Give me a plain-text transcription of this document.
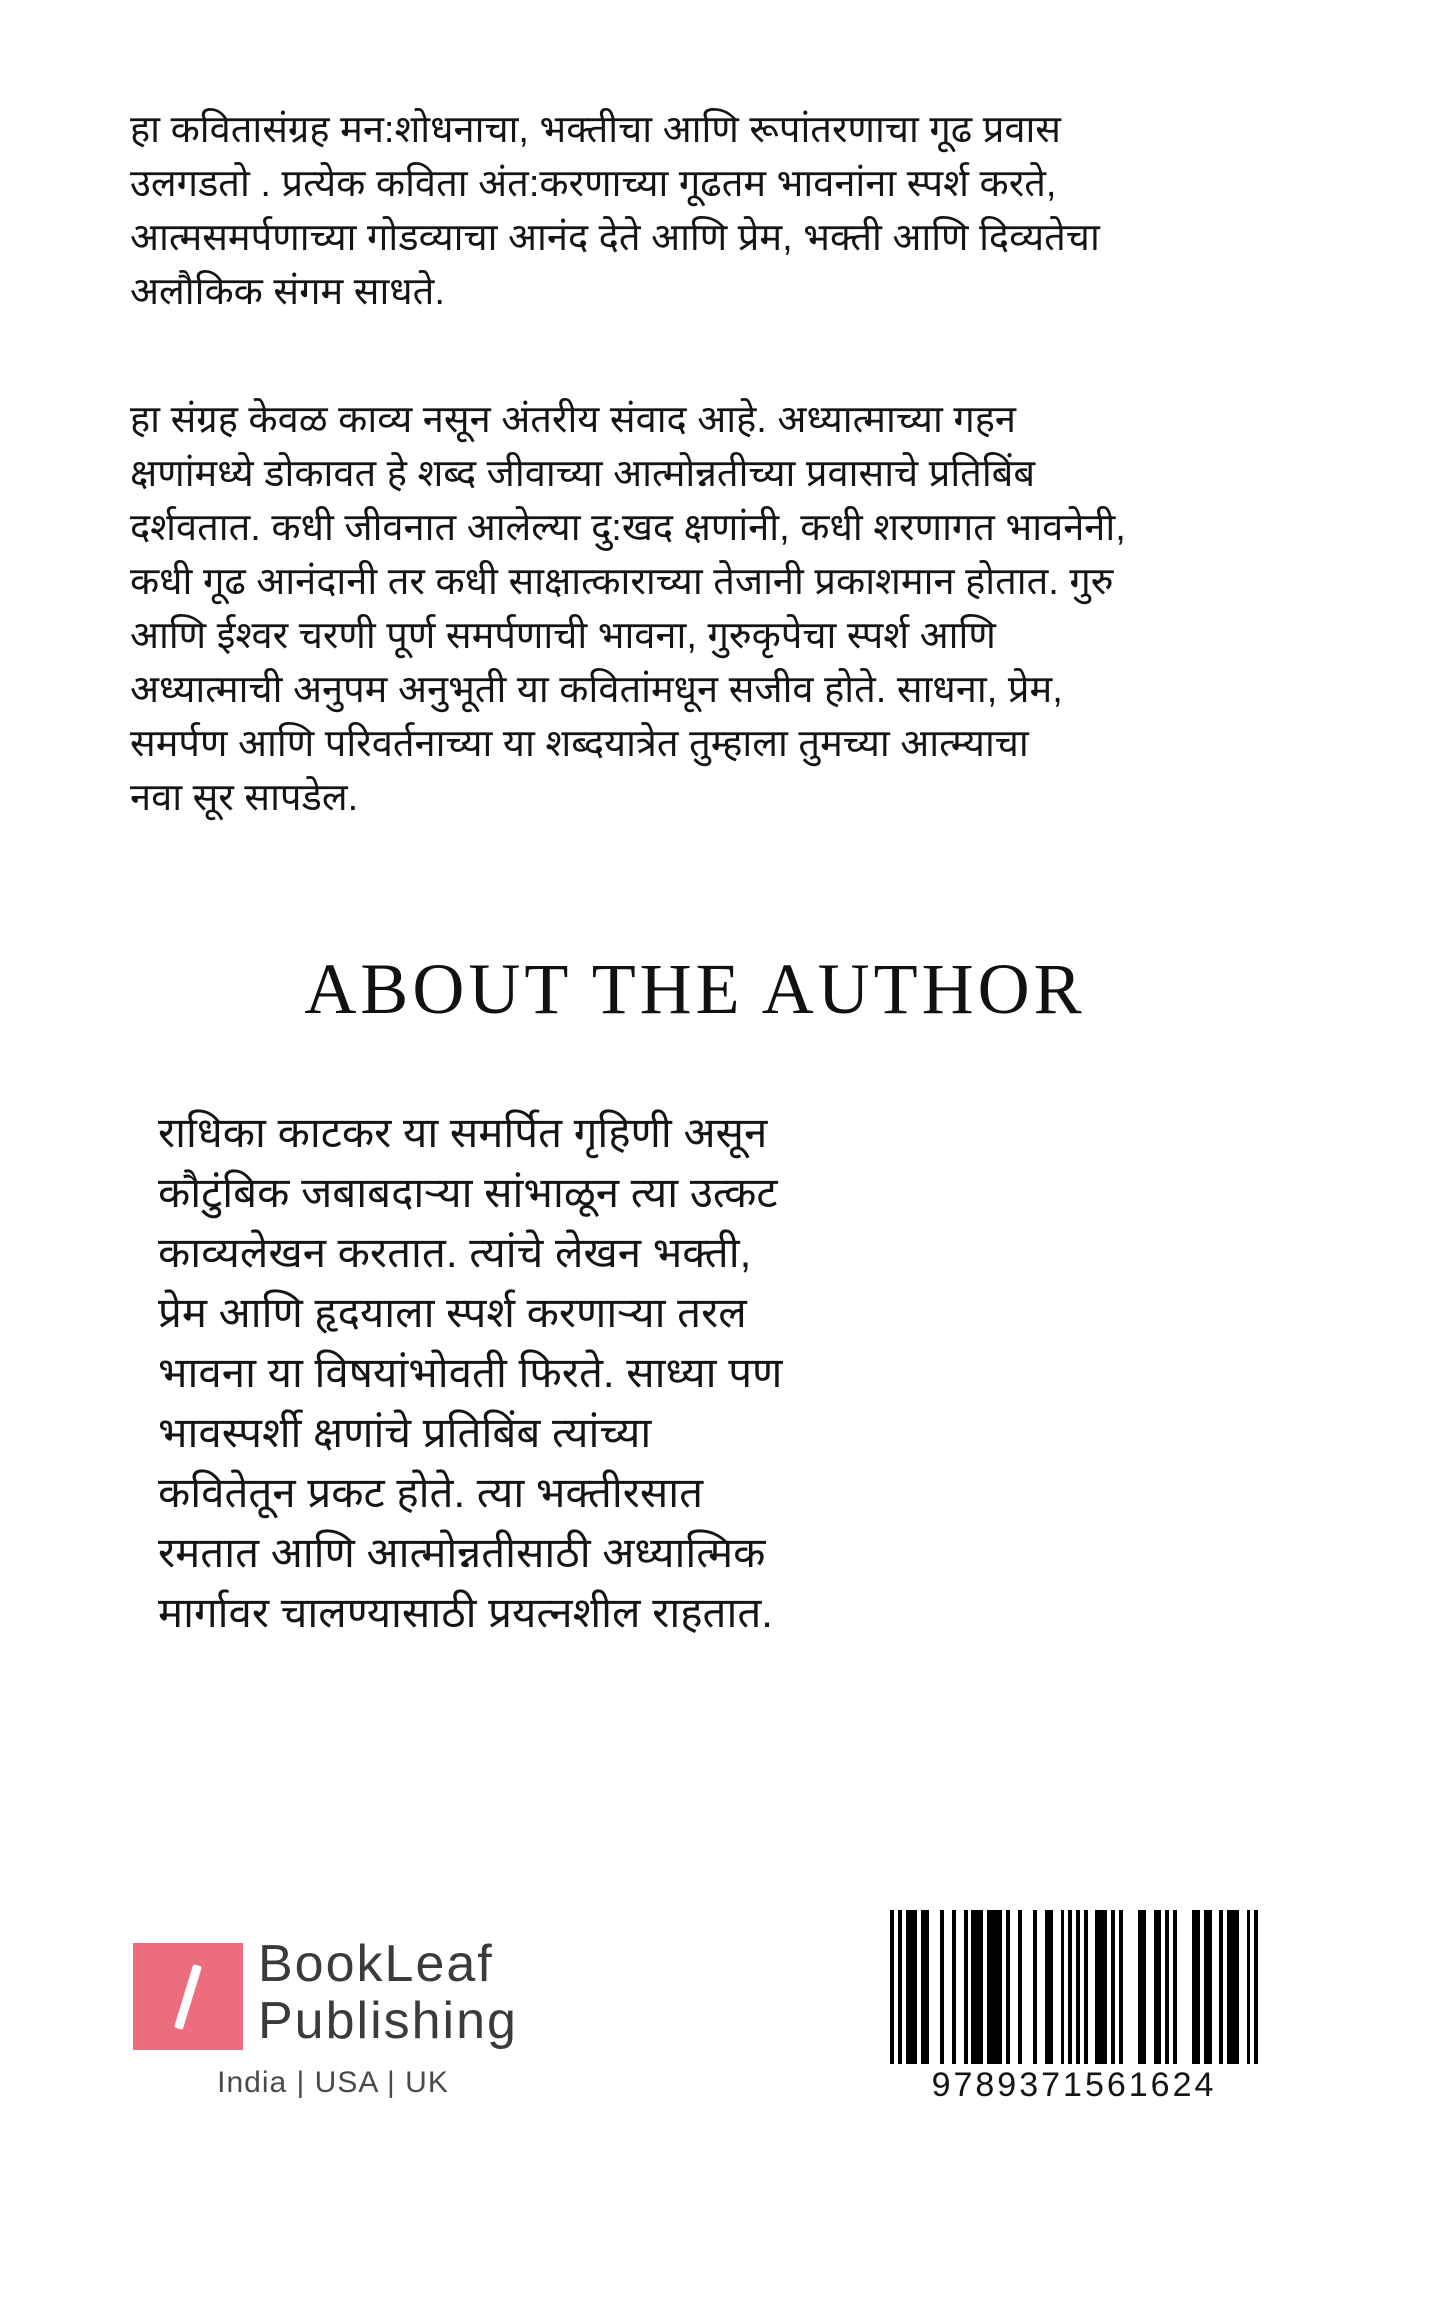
हा कवितासंग्रह मन:शोधनाचा, भक्तीचा आणि रूपांतरणाचा गूढ प्रवास
उलगडतो . प्रत्येक कविता अंत:करणाच्या गूढतम भावनांना स्पर्श करते,
आत्मसमर्पणाच्या गोडव्याचा आनंद देते आणि प्रेम, भक्ती आणि दिव्यतेचा
अलौकिक संगम साधते.
हा संग्रह केवळ काव्य नसून अंतरीय संवाद आहे. अध्यात्माच्या गहन
क्षणांमध्ये डोकावत हे शब्द जीवाच्या आत्मोन्नतीच्या प्रवासाचे प्रतिबिंब
दर्शवतात. कधी जीवनात आलेल्या दु:खद क्षणांनी, कधी शरणागत भावनेनी,
कधी गूढ आनंदानी तर कधी साक्षात्काराच्या तेजानी प्रकाशमान होतात. गुरु
आणि ईश्वर चरणी पूर्ण समर्पणाची भावना, गुरुकृपेचा स्पर्श आणि
अध्यात्माची अनुपम अनुभूती या कवितांमधून सजीव होते. साधना, प्रेम,
समर्पण आणि परिवर्तनाच्या या शब्दयात्रेत तुम्हाला तुमच्या आत्म्याचा
नवा सूर सापडेल.
ABOUT THE AUTHOR
राधिका काटकर या समर्पित गृहिणी असून
कौटुंबिक जबाबदाऱ्या सांभाळून त्या उत्कट
काव्यलेखन करतात. त्यांचे लेखन भक्ती,
प्रेम आणि हृदयाला स्पर्श करणाऱ्या तरल
भावना या विषयांभोवती फिरते. साध्या पण
भावस्पर्शी क्षणांचे प्रतिबिंब त्यांच्या
कवितेतून प्रकट होते. त्या भक्तीरसात
रमतात आणि आत्मोन्नतीसाठी अध्यात्मिक
मार्गावर चालण्यासाठी प्रयत्नशील राहतात.
BookLeaf
Publishing
India | USA | UK	9789371561624
